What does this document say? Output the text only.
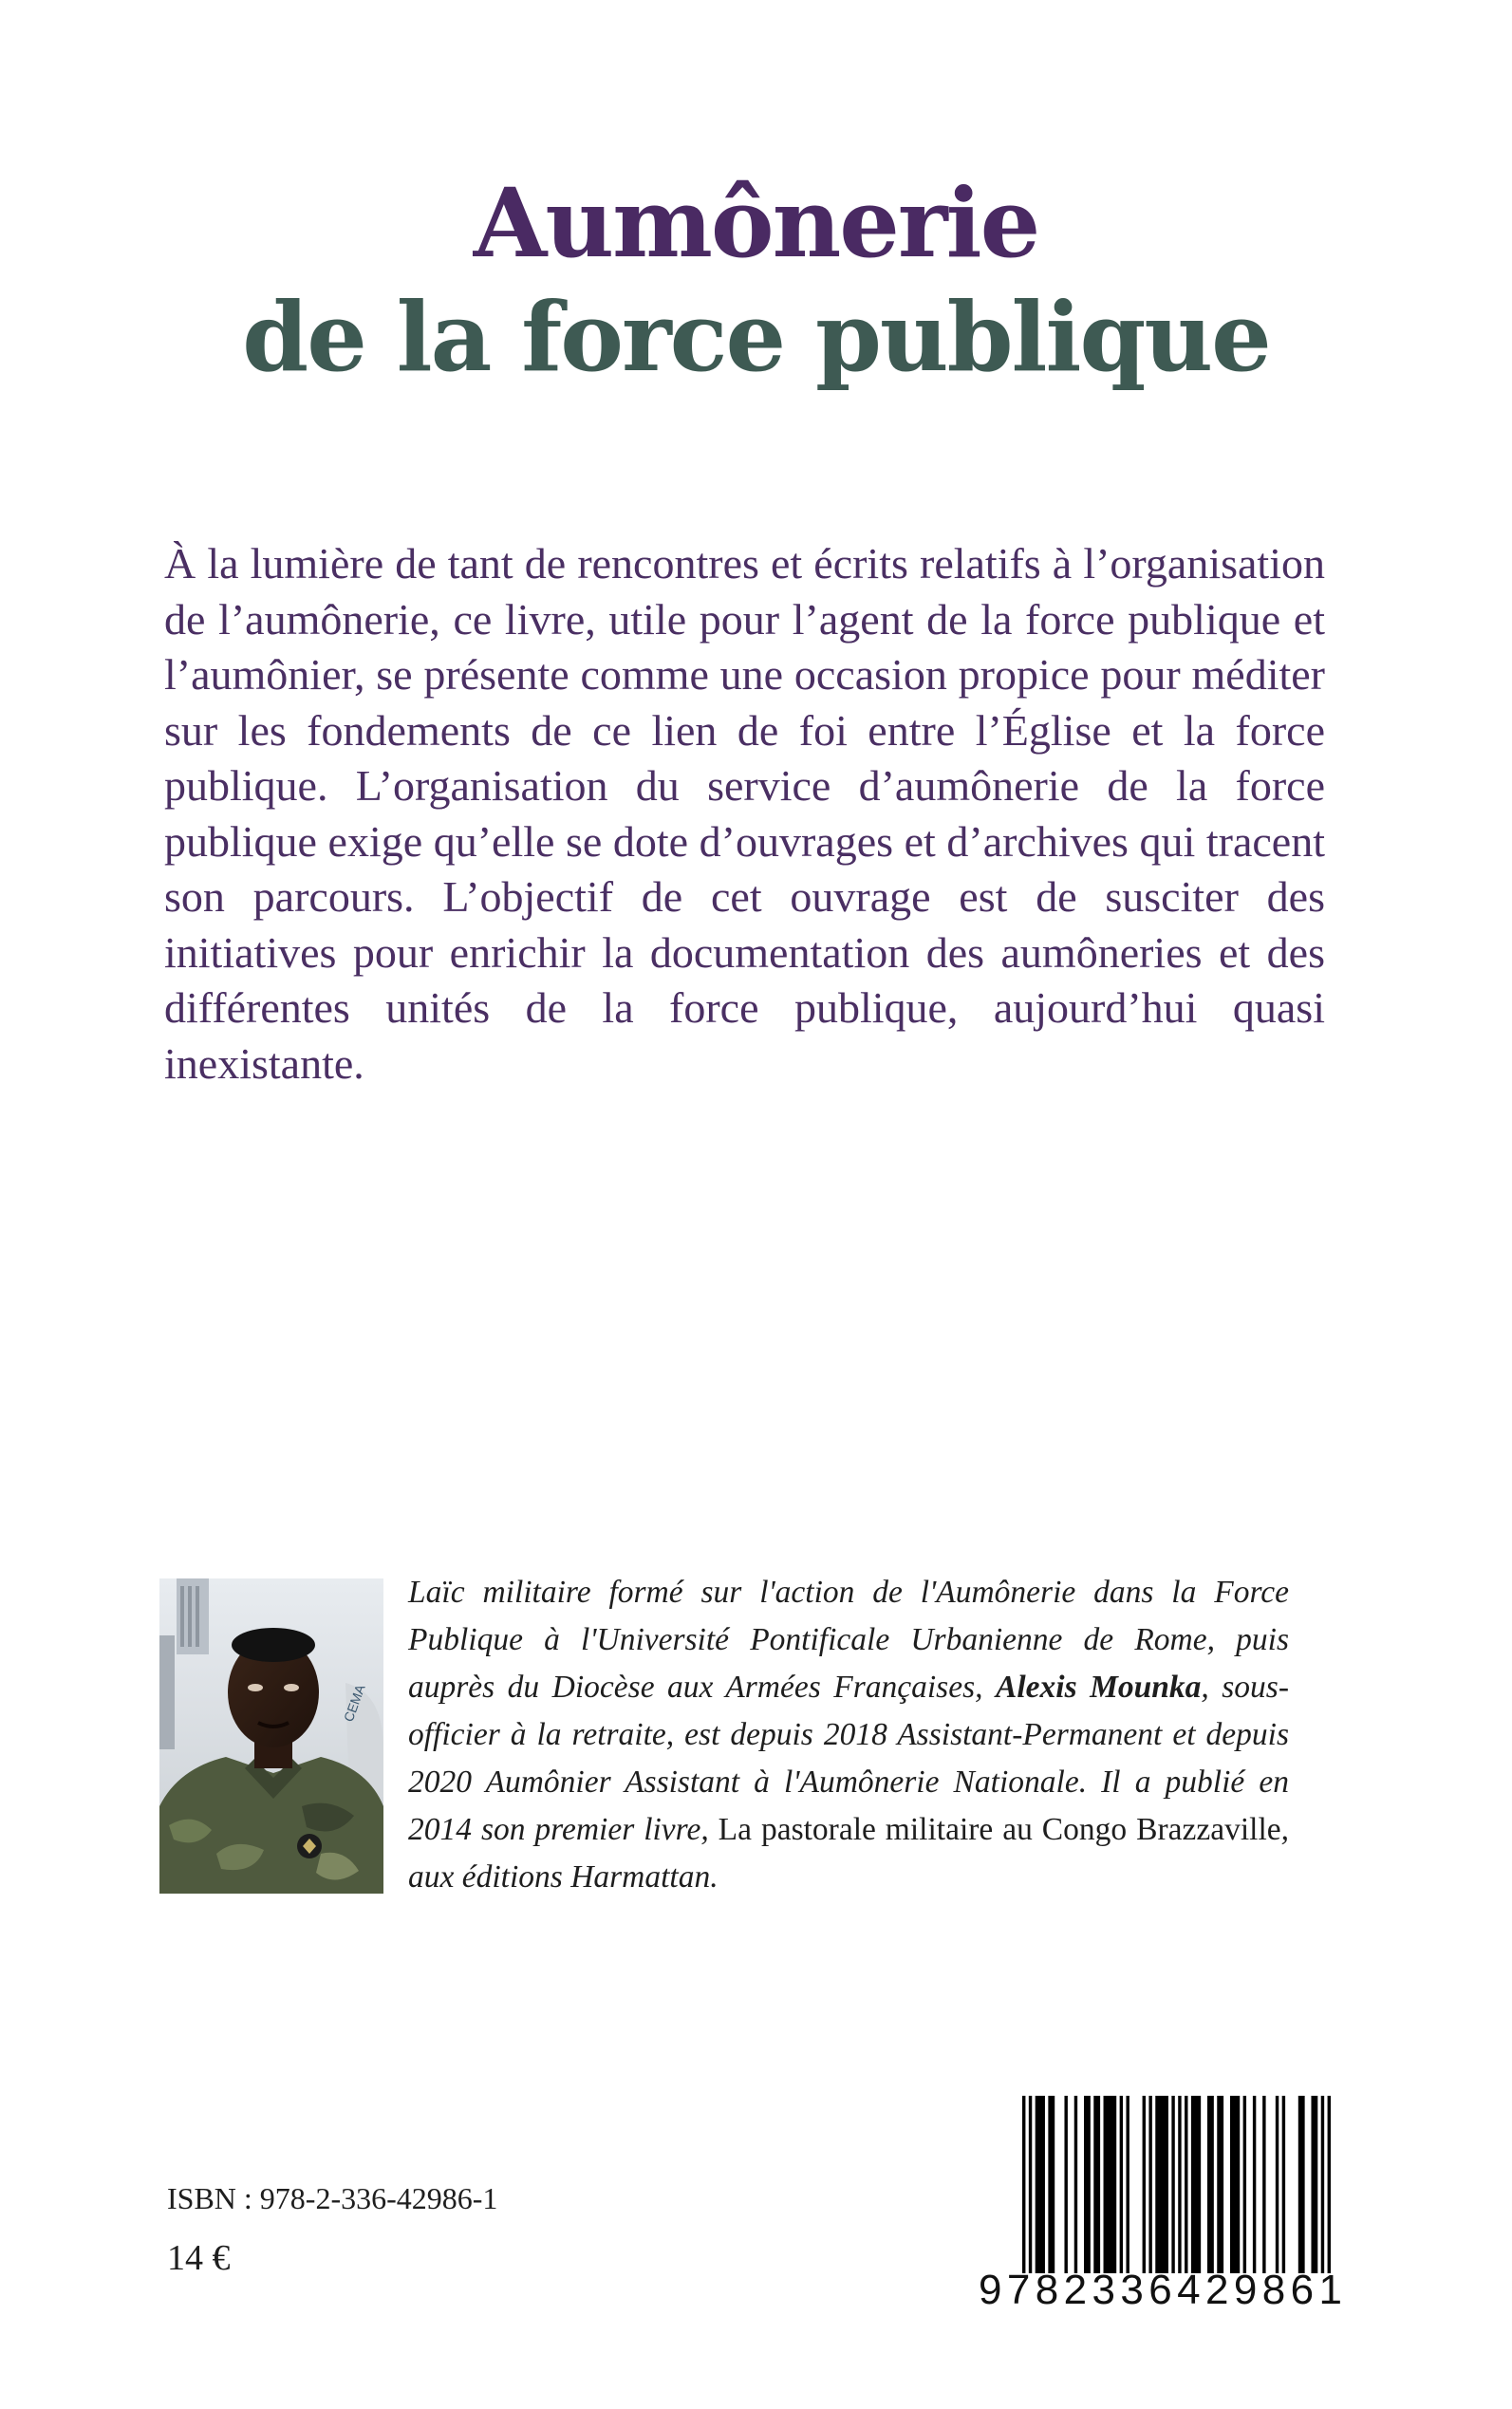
Aumônerie
de la force publique

À la lumière de tant de rencontres et écrits relatifs à l’organisation de l’aumônerie, ce livre, utile pour l’agent de la force publique et l’aumônier, se présente comme une occasion propice pour méditer sur les fondements de ce lien de foi entre l’Église et la force publique. L’organisation du service d’aumônerie de la force publique exige qu’elle se dote d’ouvrages et d’archives qui tracent son parcours. L’objectif de cet ouvrage est de susciter des initiatives pour enrichir la documentation des aumôneries et des différentes unités de la force publique, aujourd’hui quasi inexistante.

CEMA

Laïc militaire formé sur l'action de l'Aumônerie dans la Force Publique à l'Université Pontificale Urbanienne de Rome, puis auprès du Diocèse aux Armées Françaises, Alexis Mounka, sous-officier à la retraite, est depuis 2018 Assistant-Permanent et depuis 2020 Aumônier Assistant à l'Aumônerie Nationale. Il a publié en 2014 son premier livre, La pastorale militaire au Congo Brazzaville, aux éditions Harmattan.

ISBN : 978-2-336-42986-1
14 €
9782336429861
